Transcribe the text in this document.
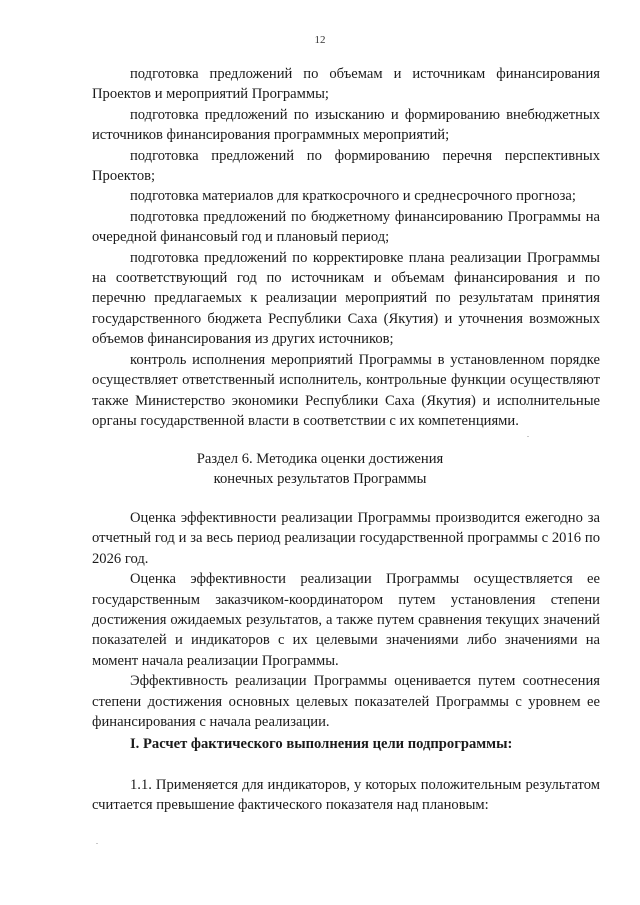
12

подготовка предложений по объемам и источникам финансирования Проектов и мероприятий Программы;

подготовка предложений по изысканию и формированию внебюджетных источников финансирования программных мероприятий;

подготовка предложений по формированию перечня перспективных Проектов;

подготовка материалов для краткосрочного и среднесрочного прогноза;

подготовка предложений по бюджетному финансированию Программы на очередной финансовый год и плановый период;

подготовка предложений по корректировке плана реализации Программы на соответствующий год по источникам и объемам финансирования и по перечню предлагаемых к реализации мероприятий по результатам принятия государственного бюджета Республики Саха (Якутия) и уточнения возможных объемов финансирования из других источников;

контроль исполнения мероприятий Программы в установленном порядке осуществляет ответственный исполнитель, контрольные функции осуществляют также Министерство экономики Республики Саха (Якутия) и исполнительные органы государственной власти в соответствии с их компетенциями.

Раздел 6. Методика оценки достижения
конечных результатов Программы

Оценка эффективности реализации Программы производится ежегодно за отчетный год и за весь период реализации государственной программы с 2016 по 2026 год.

Оценка эффективности реализации Программы осуществляется ее государственным заказчиком-координатором путем установления степени достижения ожидаемых результатов, а также путем сравнения текущих значений показателей и индикаторов с их целевыми значениями либо значениями на момент начала реализации Программы.

Эффективность реализации Программы оценивается путем соотнесения степени достижения основных целевых показателей Программы с уровнем ее финансирования с начала реализации.

I. Расчет фактического выполнения цели подпрограммы:

1.1. Применяется для индикаторов, у которых положительным результатом считается превышение фактического показателя над плановым:
